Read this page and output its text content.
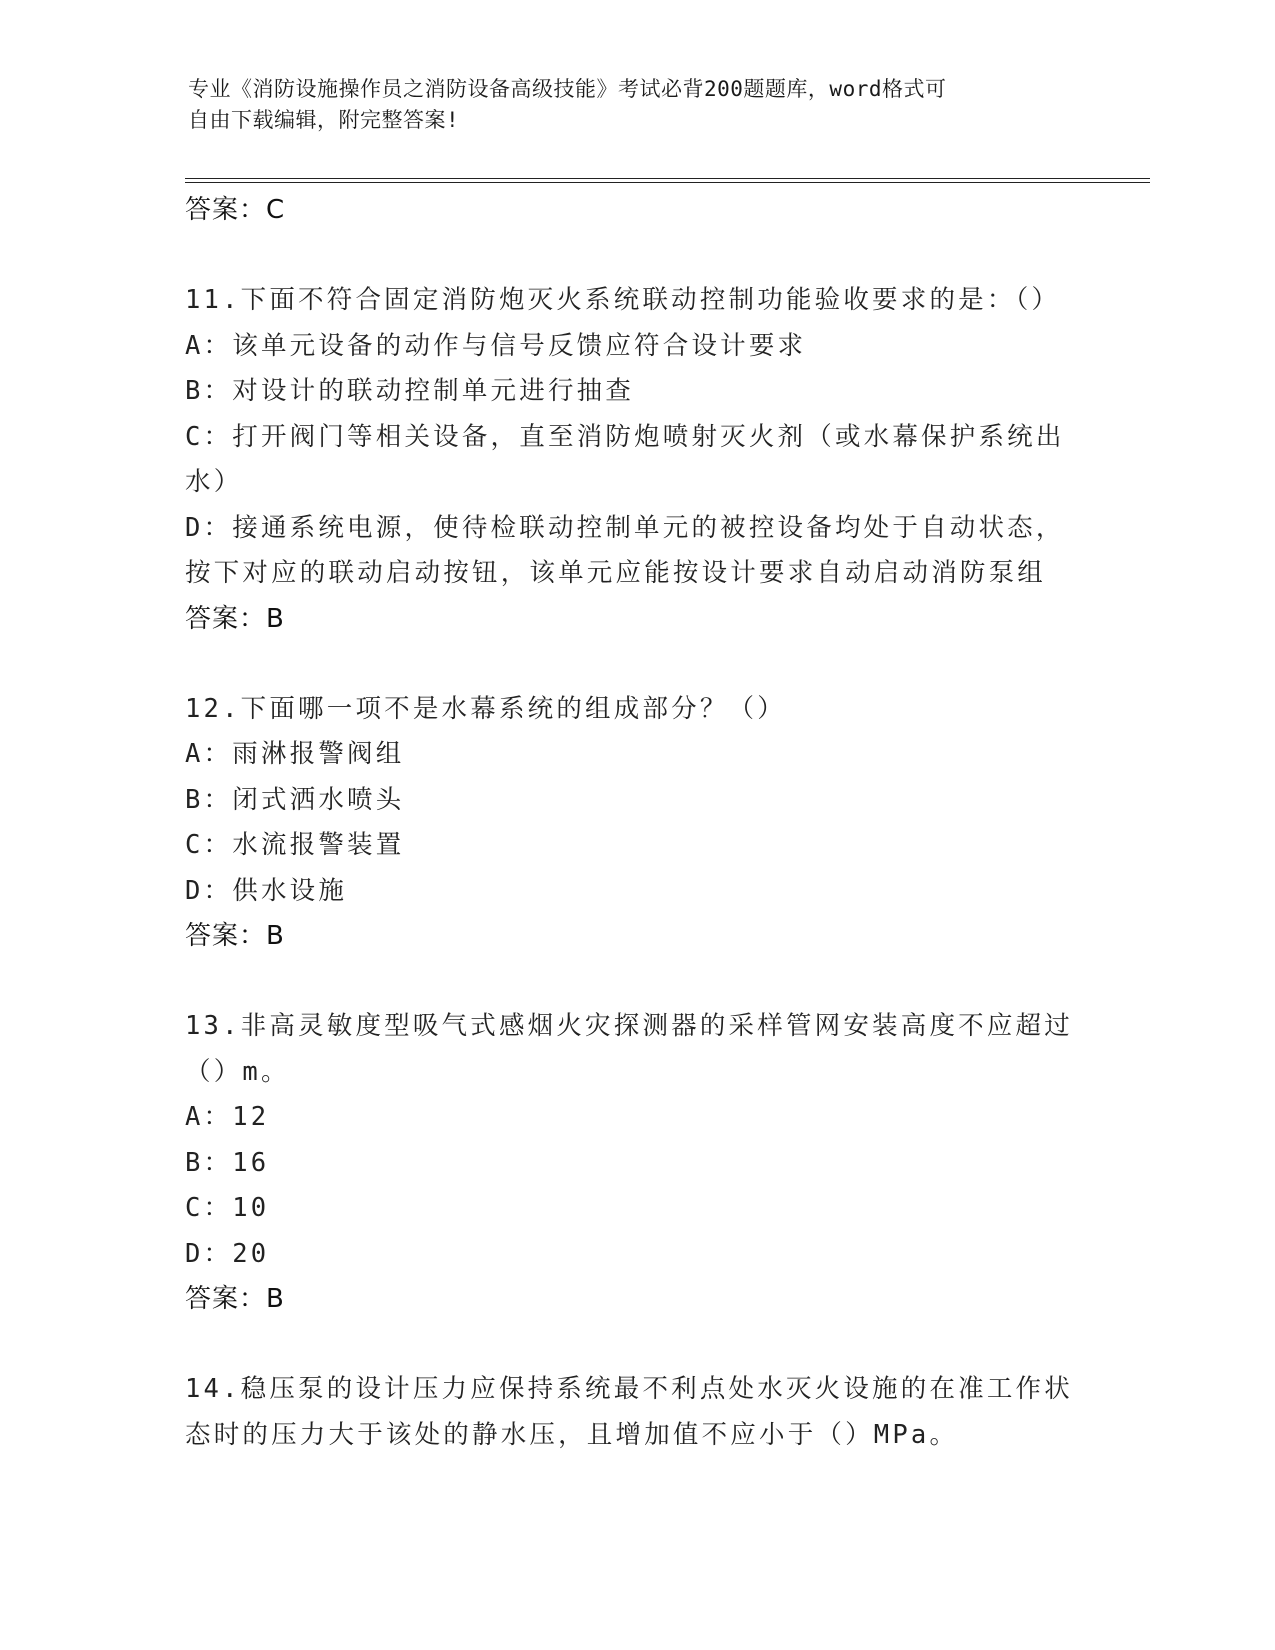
专业《消防设施操作员之消防设备高级技能》考试必背200题题库，word格式可
自由下载编辑，附完整答案!
答案：C
11.下面不符合固定消防炮灭火系统联动控制功能验收要求的是：（）
A：该单元设备的动作与信号反馈应符合设计要求
B：对设计的联动控制单元进行抽查
C：打开阀门等相关设备，直至消防炮喷射灭火剂（或水幕保护系统出水）
D：接通系统电源，使待检联动控制单元的被控设备均处于自动状态，按下对应的联动启动按钮，该单元应能按设计要求自动启动消防泵组
答案：B
12.下面哪一项不是水幕系统的组成部分？（）
A：雨淋报警阀组
B：闭式洒水喷头
C：水流报警装置
D：供水设施
答案：B
13.非高灵敏度型吸气式感烟火灾探测器的采样管网安装高度不应超过（）m。
A：12
B：16
C：10
D：20
答案：B
14.稳压泵的设计压力应保持系统最不利点处水灭火设施的在准工作状态时的压力大于该处的静水压，且增加值不应小于（）MPa。
